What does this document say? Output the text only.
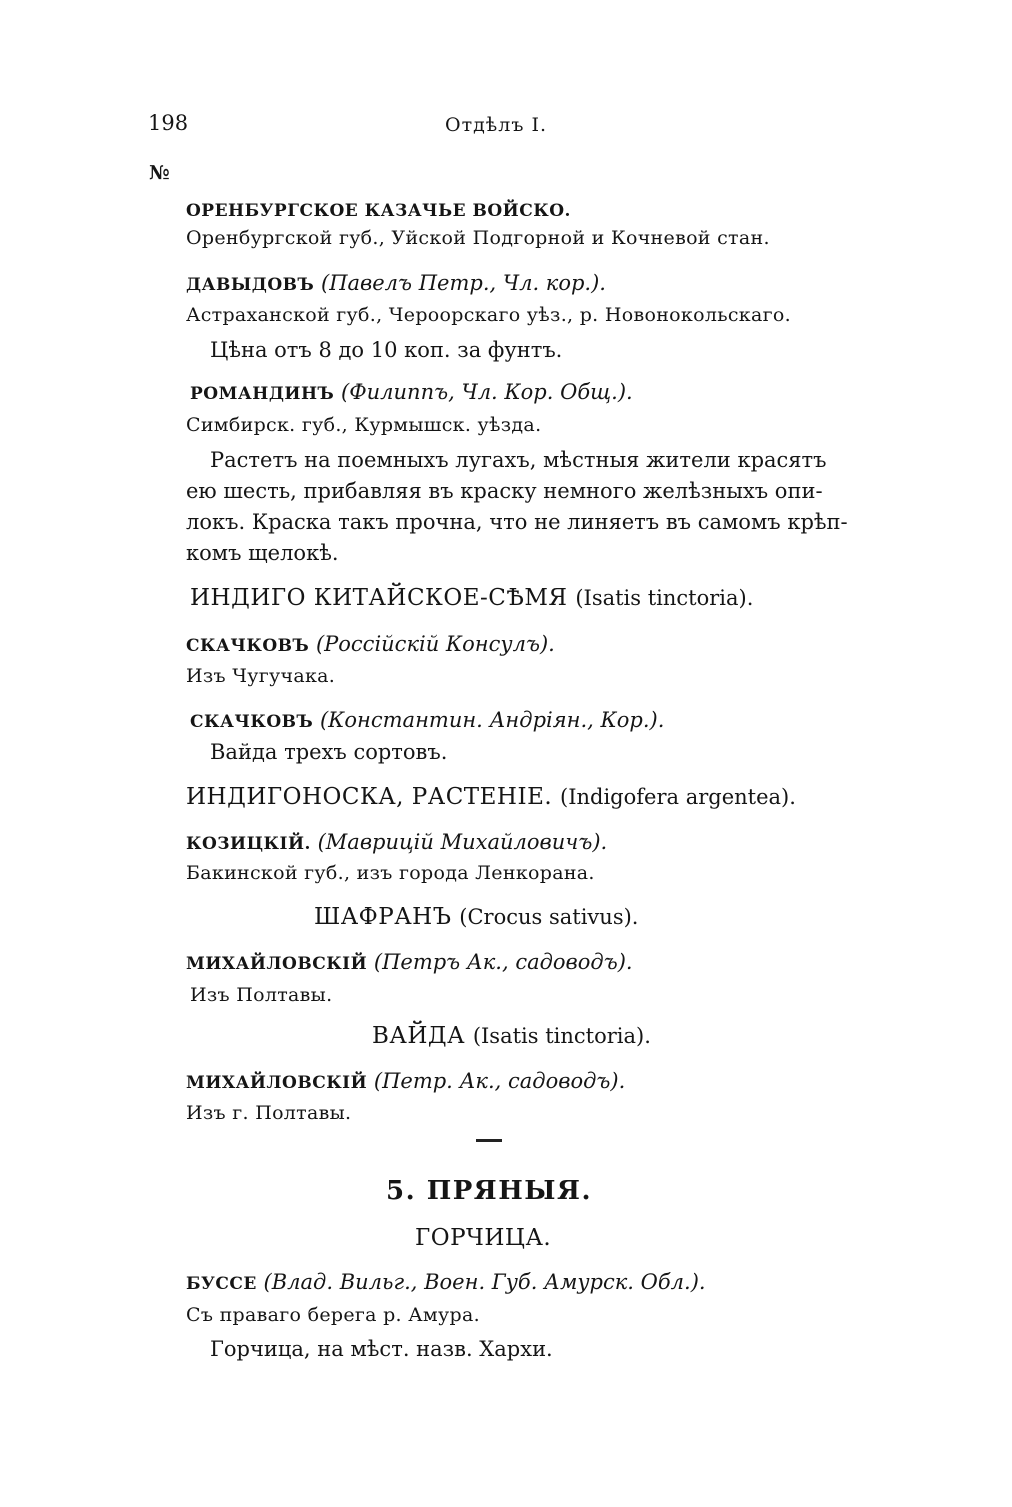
198	Отдѣлъ I.
№
ОРЕНБУРГСКОЕ КАЗАЧЬЕ ВОЙСКО.
Оренбургской губ., Уйской Подгорной и Кочневой стан.
ДАВЫДОВЪ (Павелъ Петр., Чл. кор.).
Астраханской губ., Чероорскаго уѣз., р. Новонокольскаго.
Цѣна отъ 8 до 10 коп. за фунтъ.
РОМАНДИНЪ (Филиппъ, Чл. Кор. Общ.).
Симбирск. губ., Курмышск. уѣзда.
Растетъ на поемныхъ лугахъ, мѣстныя жители красятъ
ею шесть, прибавляя въ краску немного желѣзныхъ опи-
локъ. Краска такъ прочна, что не линяетъ въ самомъ крѣп-
комъ щелокѣ.
ИНДИГО КИТАЙСКОЕ-СѢМЯ (Isatis tinctoria).
СКАЧКОВЪ (Россійскій Консулъ).
Изъ Чугучака.
СКАЧКОВЪ (Константин. Андріян., Кор.).
Вайда трехъ сортовъ.
ИНДИГОНОСКА, РАСТЕНІЕ. (Indigofera argentea).
КОЗИЦКІЙ. (Маврицій Михайловичъ).
Бакинской губ., изъ города Ленкорана.
ШАФРАНЪ (Crocus sativus).
МИХАЙЛОВСКІЙ (Петръ Ак., садоводъ).
Изъ Полтавы.
ВАЙДА (Isatis tinctoria).
МИХАЙЛОВСКІЙ (Петр. Ак., садоводъ).
Изъ г. Полтавы.
5. ПРЯНЫЯ.
ГОРЧИЦА.
БУССЕ (Влад. Вильг., Воен. Губ. Амурск. Обл.).
Съ праваго берега р. Амура.
Горчица, на мѣст. назв. Хархи.
